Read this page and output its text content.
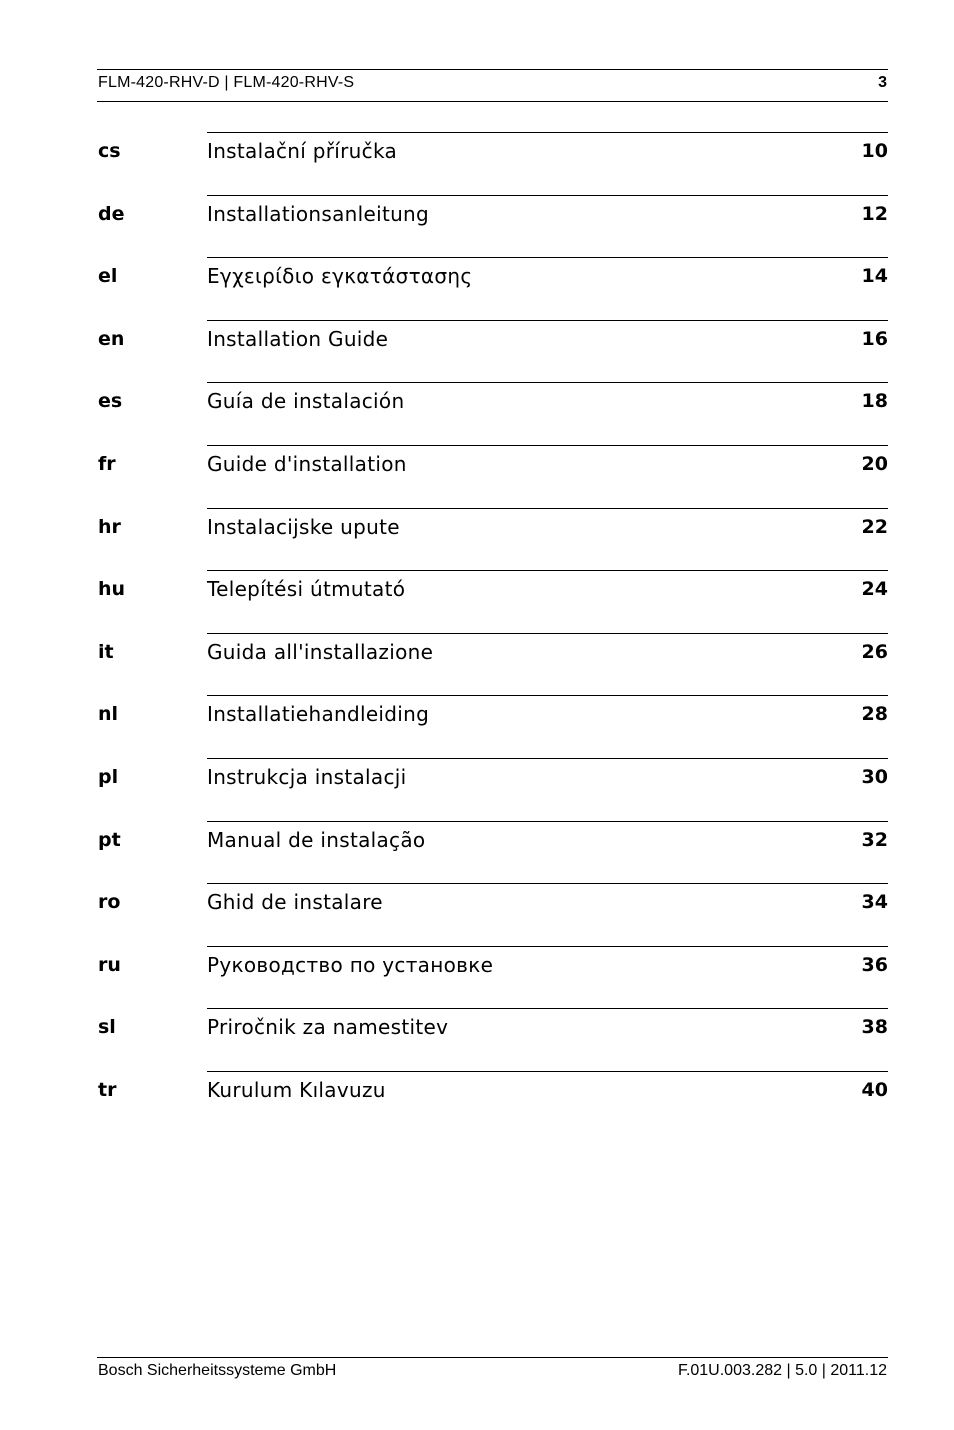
FLM-420-RHV-D | FLM-420-RHV-S	3
cs	Instalační příručka	10
de	Installationsanleitung	12
el	Εγχειρίδιο εγκατάστασης	14
en	Installation Guide	16
es	Guía de instalación	18
fr	Guide d'installation	20
hr	Instalacijske upute	22
hu	Telepítési útmutató	24
it	Guida all'installazione	26
nl	Installatiehandleiding	28
pl	Instrukcja instalacji	30
pt	Manual de instalação	32
ro	Ghid de instalare	34
ru	Руководство по установке	36
sl	Priročnik za namestitev	38
tr	Kurulum Kılavuzu	40
Bosch Sicherheitssysteme GmbH	F.01U.003.282 | 5.0 | 2011.12
